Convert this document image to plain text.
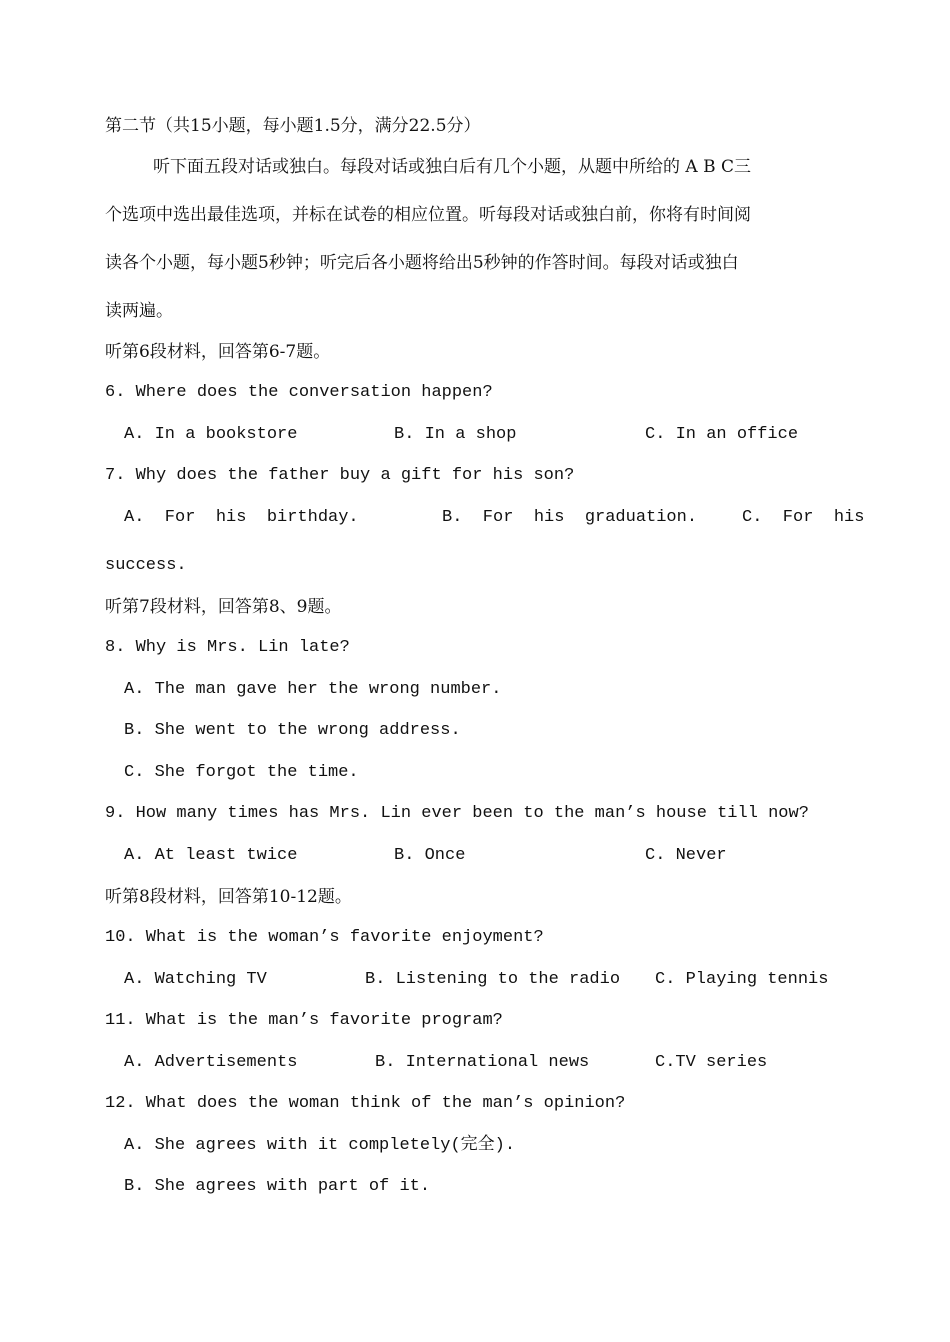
第二节（共15小题，每小题1.5分，满分22.5分）
听下面五段对话或独白。每段对话或独白后有几个小题，从题中所给的 A B C三
个选项中选出最佳选项，并标在试卷的相应位置。听每段对话或独白前，你将有时间阅
读各个小题，每小题5秒钟；听完后各小题将给出5秒钟的作答时间。每段对话或独白
读两遍。
听第6段材料，回答第6-7题。
6. Where does the conversation happen?
A. In a bookstore	B. In a shop	C. In an office
7. Why does the father buy a gift for his son?
A.  For  his  birthday.	B.  For  his  graduation.	C.  For  his
success.
听第7段材料，回答第8、9题。
8. Why is Mrs. Lin late?
A. The man gave her the wrong number.
B. She went to the wrong address.
C. She forgot the time.
9. How many times has Mrs. Lin ever been to the man’s house till now?
A. At least twice	B. Once	C. Never
听第8段材料，回答第10-12题。
10. What is the woman’s favorite enjoyment?
A. Watching TV	B. Listening to the radio C. Playing tennis
11. What is the man’s favorite program?
A. Advertisements	B. International news	C.TV series
12. What does the woman think of the man’s opinion?
A. She agrees with it completely(完全).
B. She agrees with part of it.
